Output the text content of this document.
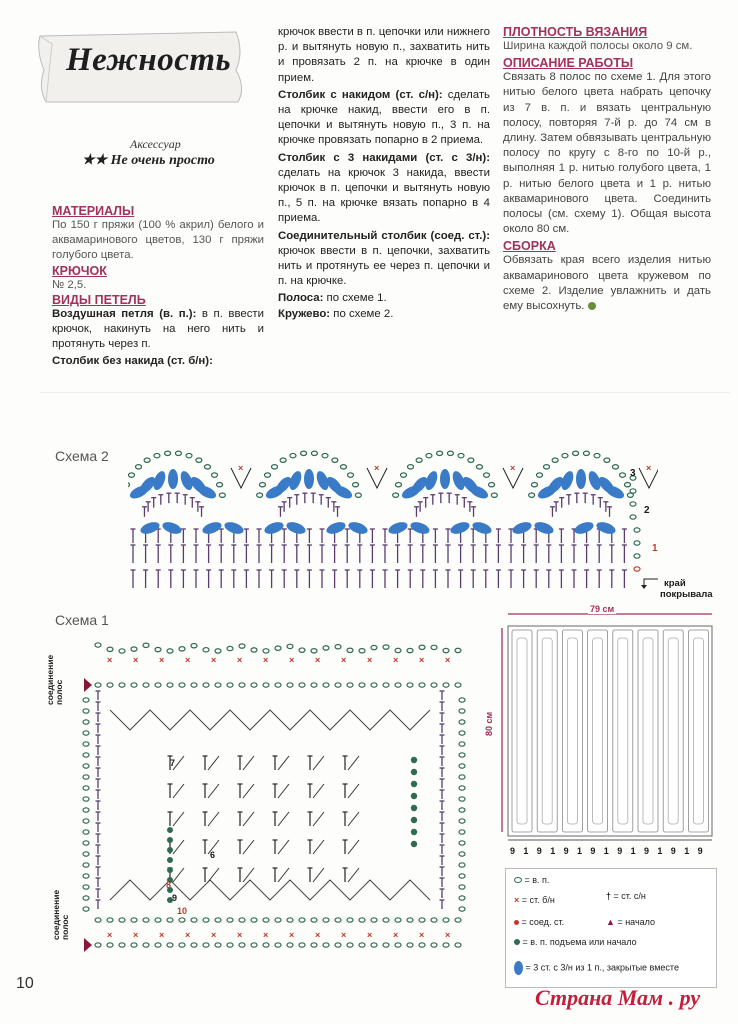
Нежность
Аксессуар
★★ Не очень просто
МАТЕРИАЛЫ
По 150 г пряжи (100 % акрил) белого и аквамаринового цветов, 130 г пряжи голубого цвета.
КРЮЧОК
№ 2,5.
ВИДЫ ПЕТЕЛЬ
Воздушная петля (в. п.): в п. ввести крючок, накинуть на него нить и протянуть через п.
Столбик без накида (ст. б/н):
крючок ввести в п. цепочки или нижнего р. и вытянуть новую п., захватить нить и провязать 2 п. на крючке в один прием.
Столбик с накидом (ст. с/н): сделать на крючке накид, ввести его в п. цепочки и вытянуть новую п., 3 п. на крючке провязать попарно в 2 приема.
Столбик с 3 накидами (ст. с 3/н): сделать на крючок 3 накида, ввести крючок в п. цепочки и вытянуть новую п., 5 п. на крючке вязать попарно в 4 приема.
Соединительный столбик (соед. ст.): крючок ввести в п. цепочки, захватить нить и протянуть ее через п. цепочки и п. на крючке.
Полоса: по схеме 1.
Кружево: по схеме 2.
ПЛОТНОСТЬ ВЯЗАНИЯ
Ширина каждой полосы около 9 см.
ОПИСАНИЕ РАБОТЫ
Связать 8 полос по схеме 1. Для этого нитью белого цвета набрать цепочку из 7 в. п. и вязать центральную полосу, повторяя 7-й р. до 74 см в длину. Затем обвязывать центральную полосу по кругу с 8-го по 10-й р., выполняя 1 р. нитью голубого цвета, 1 р. нитью белого цвета и 1 р. нитью аквамаринового цвета. Соединить полосы (см. схему 1). Общая высота около 80 см.
СБОРКА
Обвязать края всего изделия нитью аквамаринового цвета кружевом по схеме 2. Изделие увлажнить и дать ему высохнуть.
Схема 2
×	×	×	×
3
2
1
край
покрывала
Схема 1
×
×
×
×
×
×
×
×
×
×
×
×
×
×
×
×
×
×
×
×
×
×
×
×
×
×
×
×
соединение полос
соединение полос
7
6
8
9
10
79 см
80 см
9 1 9 1 9 1 9 1 9 1 9 1 9 1 9
= в. п.
× = ст. б/н	† = ст. с/н
= соед. ст.	▲ = начало
= в. п. подъема или начало
= 3 ст. с 3/н из 1 п., закрытые вместе
10
Страна Мам . ру
